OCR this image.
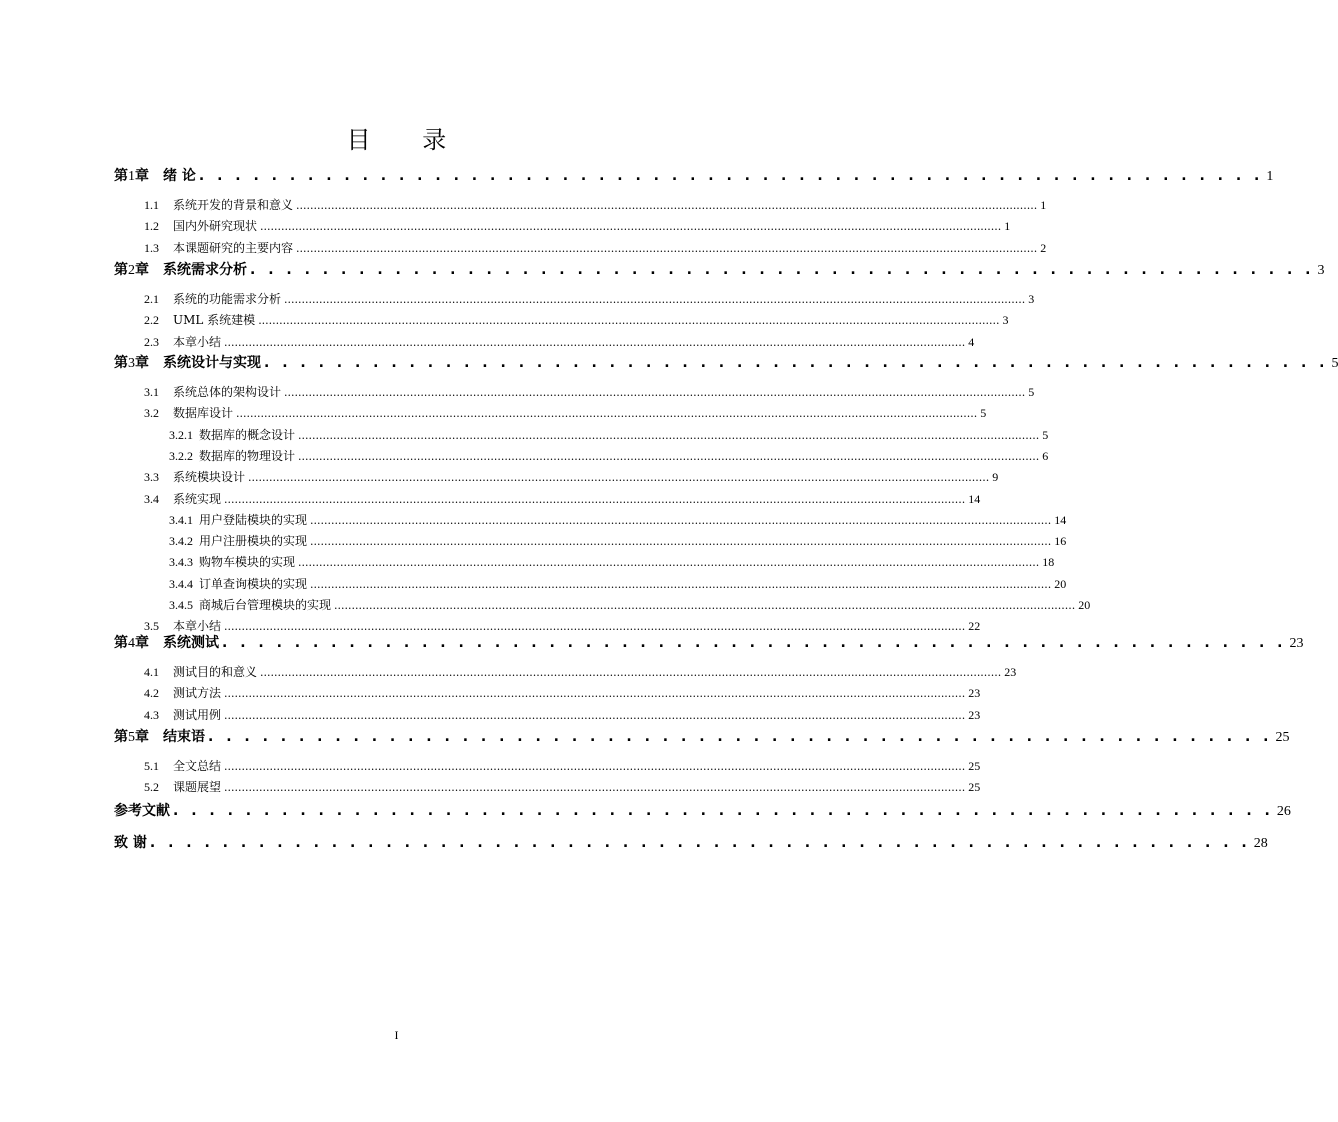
目 录
第1章 绪 论 . . . . . . . . . . . . . . . . . . . . . . . . . . . . . . . . . . . . . . . . . . . . . . . . . . . . . . . . . . . 1
1.1 系统开发的背景和意义 .................................................................................................................................................................................................................... 1
1.2 国内外研究现状 .................................................................................................................................................................................................................... 1
1.3 本课题研究的主要内容 .................................................................................................................................................................................................................... 2
第2章 系统需求分析 . . . . . . . . . . . . . . . . . . . . . . . . . . . . . . . . . . . . . . . . . . . . . . . . . . . . . . . . . . . 3
2.1 系统的功能需求分析 .................................................................................................................................................................................................................... 3
2.2 UML 系统建模 .................................................................................................................................................................................................................... 3
2.3 本章小结 .................................................................................................................................................................................................................... 4
第3章 系统设计与实现 . . . . . . . . . . . . . . . . . . . . . . . . . . . . . . . . . . . . . . . . . . . . . . . . . . . . . . . . . . . 5
3.1 系统总体的架构设计 .................................................................................................................................................................................................................... 5
3.2 数据库设计 .................................................................................................................................................................................................................... 5
3.2.1 数据库的概念设计 .................................................................................................................................................................................................................... 5
3.2.2 数据库的物理设计 .................................................................................................................................................................................................................... 6
3.3 系统模块设计 .................................................................................................................................................................................................................... 9
3.4 系统实现 .................................................................................................................................................................................................................... 14
3.4.1 用户登陆模块的实现 .................................................................................................................................................................................................................... 14
3.4.2 用户注册模块的实现 .................................................................................................................................................................................................................... 16
3.4.3 购物车模块的实现 .................................................................................................................................................................................................................... 18
3.4.4 订单查询模块的实现 .................................................................................................................................................................................................................... 20
3.4.5 商城后台管理模块的实现 .................................................................................................................................................................................................................... 20
3.5 本章小结 .................................................................................................................................................................................................................... 22
第4章 系统测试 . . . . . . . . . . . . . . . . . . . . . . . . . . . . . . . . . . . . . . . . . . . . . . . . . . . . . . . . . . . 23
4.1 测试目的和意义 .................................................................................................................................................................................................................... 23
4.2 测试方法 .................................................................................................................................................................................................................... 23
4.3 测试用例 .................................................................................................................................................................................................................... 23
第5章 结束语 . . . . . . . . . . . . . . . . . . . . . . . . . . . . . . . . . . . . . . . . . . . . . . . . . . . . . . . . . . . 25
5.1 全文总结 .................................................................................................................................................................................................................... 25
5.2 课题展望 .................................................................................................................................................................................................................... 25
参考文献 . . . . . . . . . . . . . . . . . . . . . . . . . . . . . . . . . . . . . . . . . . . . . . . . . . . . . . . . . . . . . 26
致 谢 . . . . . . . . . . . . . . . . . . . . . . . . . . . . . . . . . . . . . . . . . . . . . . . . . . . . . . . . . . . . . 28
I
